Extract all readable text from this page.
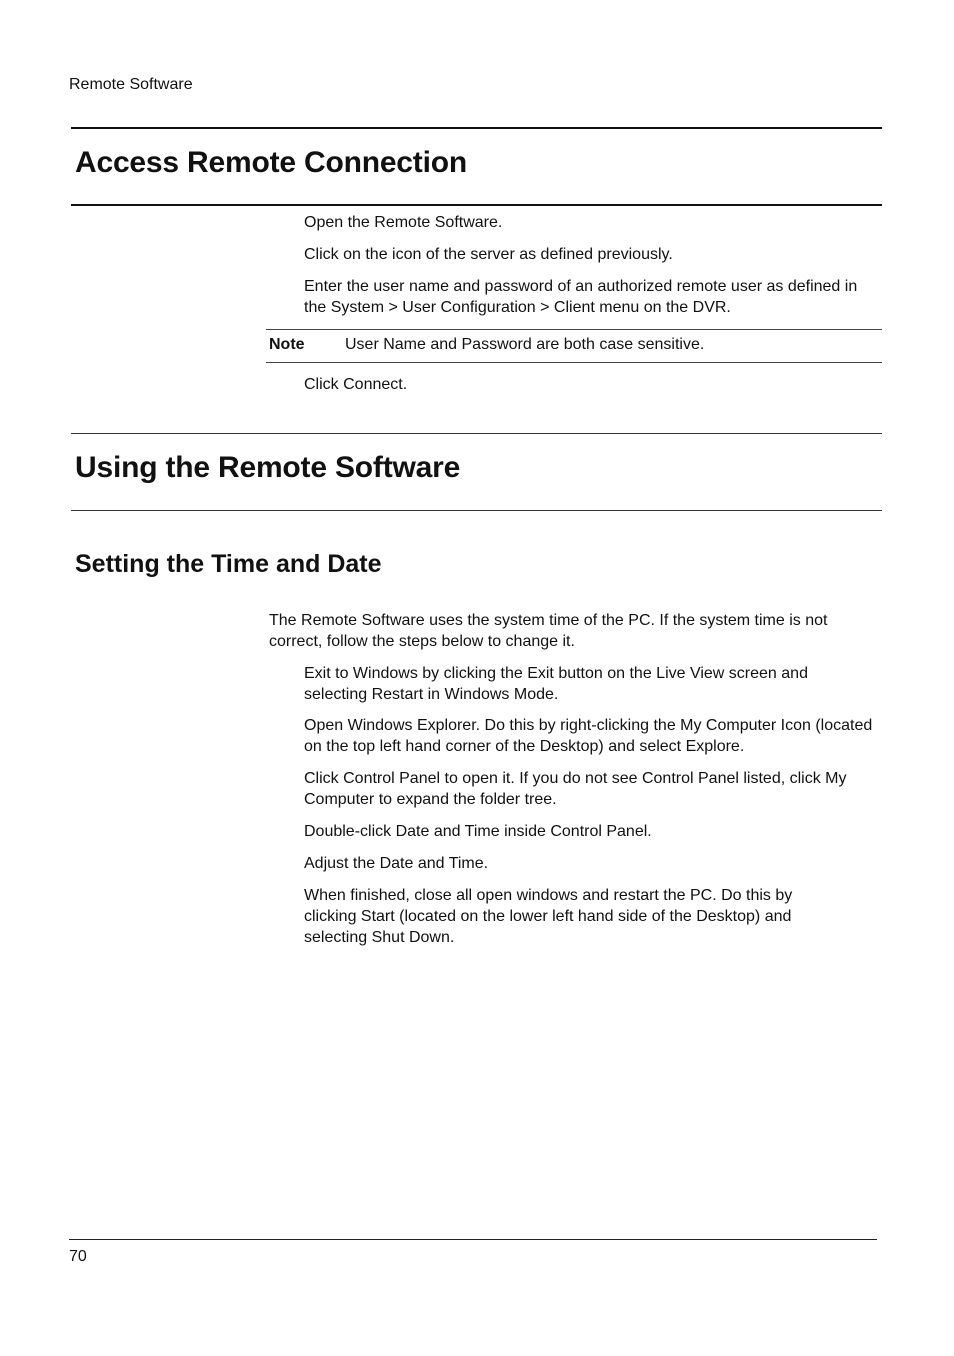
Remote Software
Access Remote Connection
Open the Remote Software.
Click on the icon of the server as defined previously.
Enter the user name and password of an authorized remote user as defined in the System > User Configuration > Client menu on the DVR.
Note	User Name and Password are both case sensitive.
Click Connect.
Using the Remote Software
Setting the Time and Date
The Remote Software uses the system time of the PC. If the system time is not correct, follow the steps below to change it.
Exit to Windows by clicking the Exit button on the Live View screen and selecting Restart in Windows Mode.
Open Windows Explorer. Do this by right-clicking the My Computer Icon (located on the top left hand corner of the Desktop) and select Explore.
Click Control Panel to open it. If you do not see Control Panel listed, click My Computer to expand the folder tree.
Double-click Date and Time inside Control Panel.
Adjust the Date and Time.
When finished, close all open windows and restart the PC. Do this by clicking Start (located on the lower left hand side of the Desktop) and selecting Shut Down.
70
